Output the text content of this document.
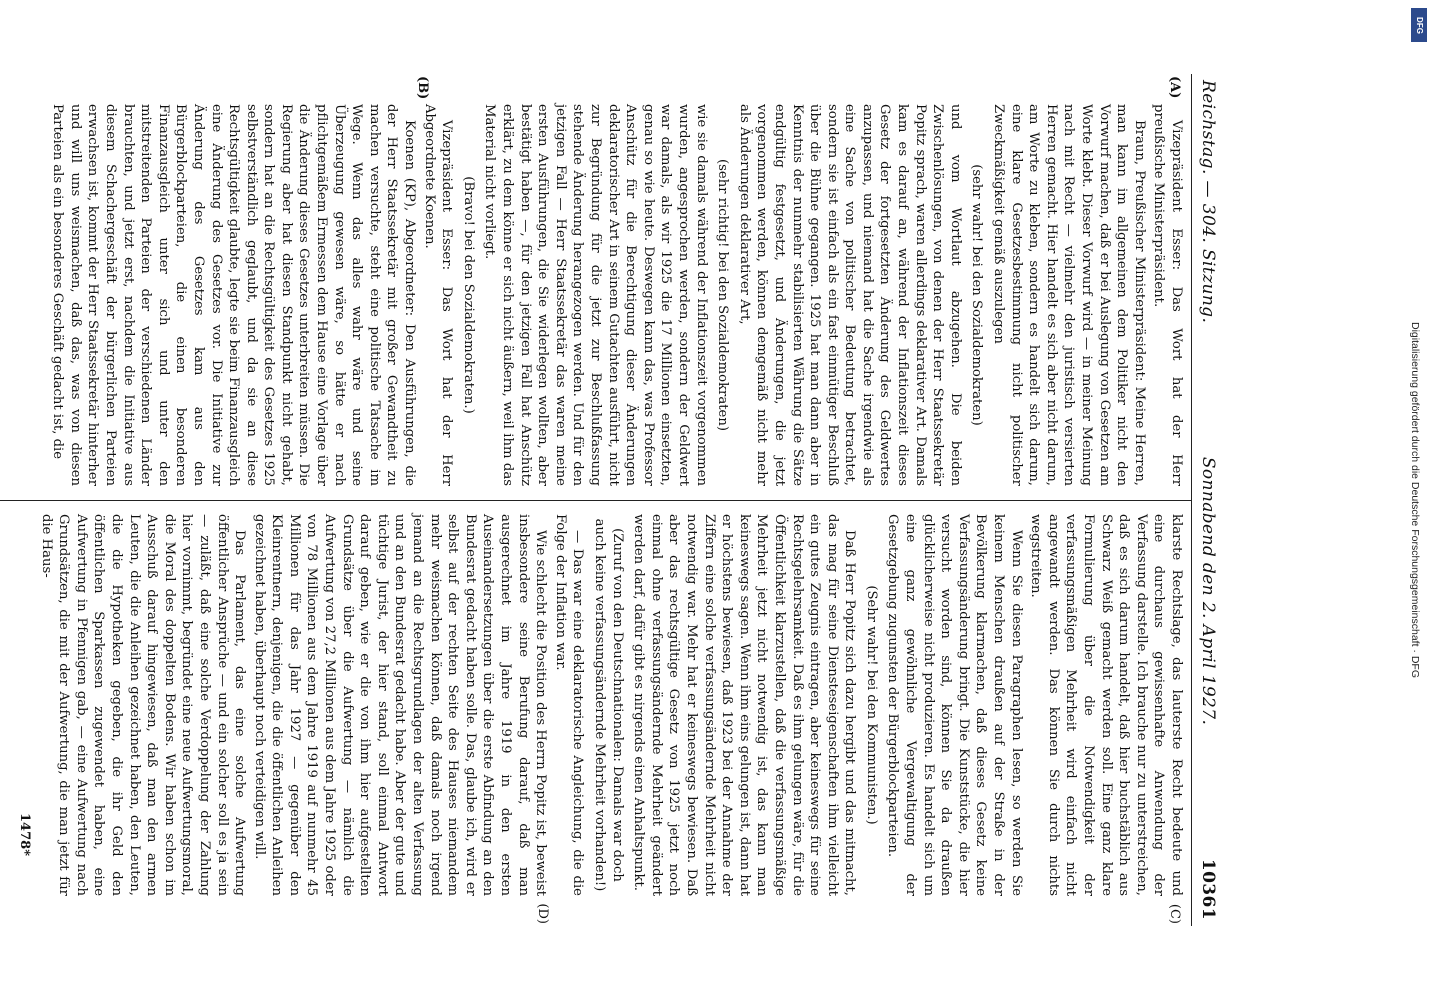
Reichstag. — 304. Sitzung.
Sonnabend den 2. April 1927.
10361
(A)
(B)

Vizepräsident Esser: Das Wort hat der Herr preußische Ministerpräsident.

Braun, Preußischer Ministerpräsident: Meine Herren, man kann im allgemeinen dem Politiker nicht den Vorwurf machen, daß er bei Auslegung von Gesetzen am Worte klebt. Dieser Vorwurf wird — in meiner Meinung nach mit Recht — vielmehr den juristisch versierten Herren gemacht. Hier handelt es sich aber nicht darum, am Worte zu kleben, sondern es handelt sich darum, eine klare Gesetzesbestimmung nicht politischer Zweckmäßigkeit gemäß auszulegen

(sehr wahr! bei den Sozialdemokraten)

und vom Wortlaut abzugehen. Die beiden Zwischenlösungen, von denen der Herr Staatssekretär Popitz sprach, waren allerdings deklarativer Art. Damals kam es darauf an, während der Inflationszeit dieses Gesetz der fortgesetzten Änderung des Geldwertes anzupassen, und niemand hat die Sache irgendwie als eine Sache von politischer Bedeutung betrachtet, sondern sie ist einfach als ein fast einmütiger Beschluß über die Bühne gegangen. 1925 hat man dann aber in Kenntnis der nunmehr stabilisierten Währung die Sätze endgültig festgesetzt, und Änderungen, die jetzt vorgenommen werden, können demgemäß nicht mehr als Änderungen deklarativer Art,

(sehr richtig! bei den Sozialdemokraten)

wie sie damals während der Inflationszeit vorgenommen wurden, angesprochen werden, sondern der Geldwert war damals, als wir 1925 die 17 Millionen einsetzten, genau so wie heute. Deswegen kann das, was Professor Anschütz für die Berechtigung dieser Änderungen deklaratorischer Art in seinem Gutachten ausführt, nicht zur Begründung für die jetzt zur Beschlußfassung stehende Änderung herangezogen werden. Und für den jetzigen Fall — Herr Staatssekretär das waren meine ersten Ausführungen, die Sie widerlegen wollten, aber bestätigt haben —, für den jetzigen Fall hat Anschütz erklärt, zu dem könne er sich nicht äußern, weil ihm das Material nicht vorliegt.

(Bravo! bei den Sozialdemokraten.)

Vizepräsident Esser: Das Wort hat der Herr Abgeordnete Koenen.

Koenen (KP), Abgeordneter: Den Ausführungen, die der Herr Staatssekretär mit großer Gewandtheit zu machen versuchte, steht eine politische Tatsache im Wege. Wenn das alles wahr wäre und seine Überzeugung gewesen wäre, so hätte er nach pflichtgemäßem Ermessen dem Hause eine Vorlage über die Änderung dieses Gesetzes unterbreiten müssen. Die Regierung aber hat diesen Standpunkt nicht gehabt, sondern hat an die Rechtsgültigkeit des Gesetzes 1925 selbstverständlich geglaubt, und da sie an diese Rechtsgültigkeit glaubte, legte sie beim Finanzausgleich eine Änderung des Gesetzes vor. Die Initiative zur Änderung des Gesetzes kam aus den Bürgerblockparteien, die einen besonderen Finanzausgleich unter sich und unter den mitstreitenden Parteien der verschiedenen Länder brauchten, und jetzt erst, nachdem die Initiative aus diesem Schachergeschäft der bürgerlichen Parteien erwachsen ist, kommt der Herr Staatssekretär hinterher und will uns weismachen, daß das, was von diesen Parteien als ein besonderes Geschäft gedacht ist, die

(C)
(D)

klarste Rechtslage, das lauterste Recht bedeute und eine durchaus gewissenhafte Anwendung der Verfassung darstelle. Ich brauche nur zu unterstreichen, daß es sich darum handelt, daß hier buchstäblich aus Schwarz Weiß gemacht werden soll. Eine ganz klare Formulierung über die Notwendigkeit der verfassungsmäßigen Mehrheit wird einfach nicht angewandt werden. Das können Sie durch nichts wegstreiten.

Wenn Sie diesen Paragraphen lesen, so werden Sie keinem Menschen draußen auf der Straße in der Bevölkerung klarmachen, daß dieses Gesetz keine Verfassungsänderung bringt. Die Kunststücke, die hier versucht worden sind, können Sie da draußen glücklicherweise nicht produzieren. Es handelt sich um eine ganz gewöhnliche Vergewaltigung der Gesetzgebung zugunsten der Bürgerblockparteien.

(Sehr wahr! bei den Kommunisten.)

Daß Herr Popitz sich dazu hergibt und das mitmacht, das mag für seine Diensteseigenschaften ihm vielleicht ein gutes Zeugnis eintragen, aber keineswegs für seine Rechtsgelehrsamkeit. Daß es ihm gelungen wäre, für die Öffentlichkeit klarzustellen, daß die verfassungsmäßige Mehrheit jetzt nicht notwendig ist, das kann man keineswegs sagen. Wenn ihm eins gelungen ist, dann hat er höchstens bewiesen, daß 1923 bei der Annahme der Ziffern eine solche verfassungsändernde Mehrheit nicht notwendig war. Mehr hat er keineswegs bewiesen. Daß aber das rechtsgültige Gesetz von 1925 jetzt noch einmal ohne verfassungsändernde Mehrheit geändert werden darf, dafür gibt es nirgends einen Anhaltspunkt.

(Zuruf von den Deutschnationalen: Damals war doch auch keine verfassungsändernde Mehrheit vorhanden!)

— Das war eine deklaratorische Angleichung, die die Folge der Inflation war.

Wie schlecht die Position des Herrn Popitz ist, beweist insbesondere seine Berufung darauf, daß man ausgerechnet im Jahre 1919 in den ersten Auseinandersetzungen über die erste Abfindung an den Bundesrat gedacht haben solle. Das, glaube ich, wird er selbst auf der rechten Seite des Hauses niemandem mehr weismachen können, daß damals noch irgend jemand an die Rechtsgrundlagen der alten Verfassung und an den Bundesrat gedacht habe. Aber der gute und tüchtige Jurist, der hier stand, soll einmal Antwort darauf geben, wie er die von ihm hier aufgestellten Grundsätze über die Aufwertung — nämlich die Aufwertung von 27,2 Millionen aus dem Jahre 1925 oder von 78 Millionen aus dem Jahre 1919 auf nunmehr 45 Millionen für das Jahr 1927 — gegenüber den Kleinrentnern, denjenigen, die die öffentlichen Anleihen gezeichnet haben, überhaupt noch verteidigen will.

Das Parlament, das eine solche Aufwertung öffentlicher Ansprüche — und ein solcher soll es ja sein — zuläßt, daß eine solche Verdoppelung der Zahlung hier vornimmt, begründet eine neue Aufwertungsmoral, die Moral des doppelten Bodens. Wir haben schon im Ausschuß darauf hingewiesen, daß man den armen Leuten, die die Anleihen gezeichnet haben, den Leuten, die die Hypotheken gegeben, die ihr Geld den öffentlichen Sparkassen zugewendet haben, eine Aufwertung in Pfennigen gab, — eine Aufwertung nach Grundsätzen, die mit der Aufwertung, die man jetzt für die Haus-

1478*
DFG
Digitalisierung gefördert durch die Deutsche Forschungsgemeinschaft · DFG
